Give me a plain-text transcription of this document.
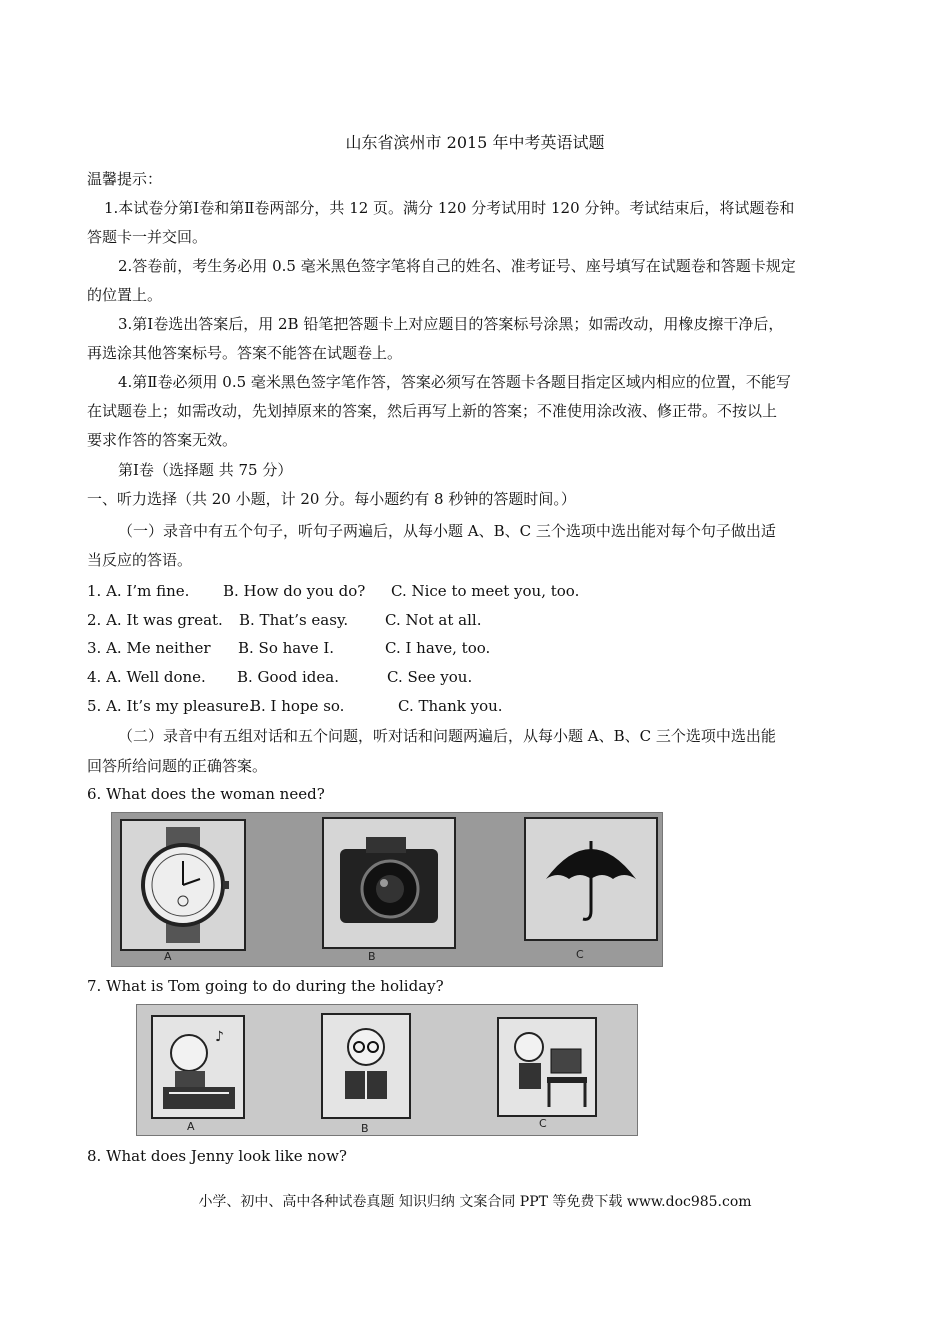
山东省滨州市 2015 年中考英语试题
温馨提示：
1.本试卷分第Ⅰ卷和第Ⅱ卷两部分，共 12 页。满分 120 分考试用时 120 分钟。考试结束后，将试题卷和
答题卡一并交回。
2.答卷前，考生务必用 0.5 毫米黑色签字笔将自己的姓名、准考证号、座号填写在试题卷和答题卡规定
的位置上。
3.第Ⅰ卷选出答案后，用 2B 铅笔把答题卡上对应题目的答案标号涂黑；如需改动，用橡皮擦干净后，
再选涂其他答案标号。答案不能答在试题卷上。
4.第Ⅱ卷必须用 0.5 毫米黑色签字笔作答，答案必须写在答题卡各题目指定区域内相应的位置，不能写
在试题卷上；如需改动，先划掉原来的答案，然后再写上新的答案；不准使用涂改液、修正带。不按以上
要求作答的答案无效。
第Ⅰ卷（选择题 共 75 分）
一、听力选择（共 20 小题，计 20 分。每小题约有 8 秒钟的答题时间。）
（一）录音中有五个句子，听句子两遍后，从每小题 A、B、C 三个选项中选出能对每个句子做出适
当反应的答语。
1. A. I’m fine. B. How do you do? C. Nice to meet you, too.
2. A. It was great. B. That’s easy. C. Not at all.
3. A. Me neither B. So have I.	C. I have, too.
4. A. Well done. B. Good idea.	C. See you.
5. A. It’s my pleasure.
B. I hope so.	C. Thank you.
（二）录音中有五组对话和五个问题，听对话和问题两遍后，从每小题 A、B、C 三个选项中选出能
回答所给问题的正确答案。
6. What does the woman need?
A	B	C
7. What is Tom going to do during the holiday?
♪
A	B	C
8. What does Jenny look like now?
小学、初中、高中各种试卷真题 知识归纳 文案合同 PPT 等免费下载 www.doc985.com
